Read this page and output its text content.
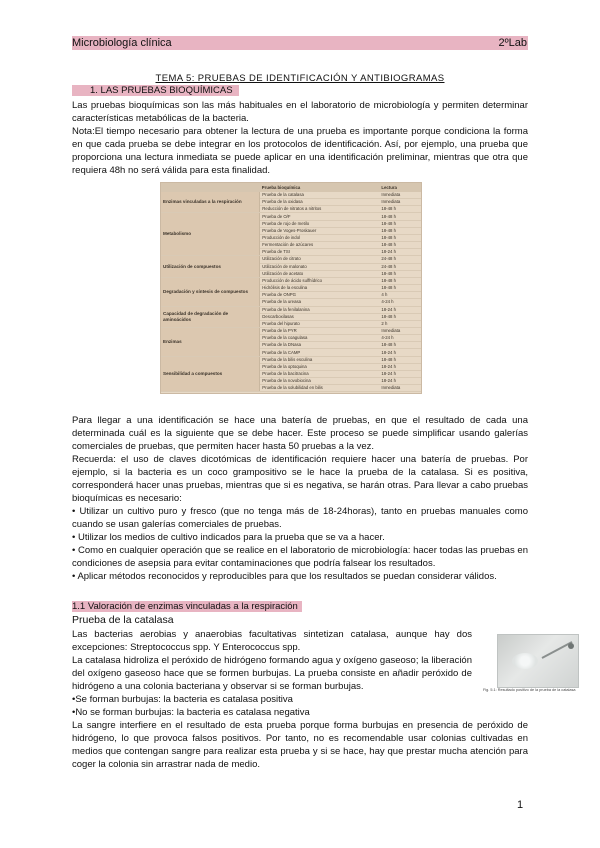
Microbiología clínica	2ºLab
TEMA 5: PRUEBAS DE IDENTIFICACIÓN Y ANTIBIOGRAMAS
1. LAS PRUEBAS BIOQUÍMICAS

Las pruebas bioquímicas son las más habituales en el laboratorio de microbiología y permiten determinar características metabólicas de la bacteria.

Nota:El tiempo necesario para obtener la lectura de una prueba es importante porque condiciona la forma en que cada prueba se debe integrar en los protocolos de identificación. Así, por ejemplo, una prueba que proporciona una lectura inmediata se puede aplicar en una identificación preliminar, mientras que otra que requiera 48h no será válida para esta finalidad.

	Prueba bioquímica	Lectura
Enzimas vinculadas a la respiración	Prueba de la catalasa	Inmediata
	Prueba de la oxidasa	Inmediata
	Reducción de nitratos a nitritos	18-48 h
Metabolismo	Prueba de O/F	18-48 h
	Prueba de rojo de metilo	18-48 h
	Prueba de Voges-Proskauer	18-48 h
	Producción de indol	18-48 h
	Fermentación de azúcares	18-48 h
	Prueba de TSI	18-24 h
Utilización de compuestos	Utilización de citrato	24-48 h
	Utilización de malonato	24-48 h
	Utilización de acetato	18-48 h
Degradación y síntesis de compuestos	Producción de ácido sulfhídrico	18-48 h
	Hidrólisis de la esculina	18-48 h
	Prueba de ONPG	4 h
	Prueba de la ureasa	4-24 h
Capacidad de degradación de aminoácidos	Prueba de la fenilalanina	18-24 h
	Descarboxilasas	18-48 h
	Prueba del hipurato	2 h
Enzimas	Prueba de la PYR	Inmediata
	Prueba de la coagulasa	4-24 h
	Prueba de la DNasa	18-48 h
	Prueba de la CAMP	18-24 h
Sensibilidad a compuestos	Prueba de la bilis esculina	18-48 h
	Prueba de la optoquina	18-24 h
	Prueba de la bacitracina	18-24 h
	Prueba de la novobiocina	18-24 h
	Prueba de la solubilidad en bilis	Inmediata

Para llegar a una identificación se hace una batería de pruebas, en que el resultado de cada una determinada cuál es la siguiente que se debe hacer. Este proceso se puede simplificar usando galerías comerciales de pruebas, que permiten hacer hasta 50 pruebas a la vez.

Recuerda: el uso de claves dicotómicas de identificación requiere hacer una batería de pruebas. Por ejemplo, si la bacteria es un coco grampositivo se le hace la prueba de la catalasa. Si es positiva, corresponderá hacer unas pruebas, mientras que si es negativa, se harán otras. Para llevar a cabo pruebas bioquímicas es necesario:

• Utilizar un cultivo puro y fresco (que no tenga más de 18-24horas), tanto en pruebas manuales como cuando se usan galerías comerciales de pruebas.

• Utilizar los medios de cultivo indicados para la prueba que se va a hacer.

• Como en cualquier operación que se realice en el laboratorio de microbiología: hacer todas las pruebas en condiciones de asepsia para evitar contaminaciones que podría falsear los resultados.

• Aplicar métodos reconocidos y reproducibles para que los resultados se puedan considerar válidos.

1.1 Valoración de enzimas vinculadas a la respiración
Prueba de la catalasa

Las bacterias aerobias y anaerobias facultativas sintetizan catalasa, aunque hay dos excepciones: Streptococcus spp. Y Enterococcus spp.

La catalasa hidroliza el peróxido de hidrógeno formando agua y oxígeno gaseoso; la liberación del oxígeno gaseoso hace que se formen burbujas. La prueba consiste en añadir peróxido de hidrógeno a una colonia bacteriana y observar si se forman burbujas.	Fig. 5.1: Resultado positivo de la prueba de la catalasa

•Se forman burbujas: la bacteria es catalasa positiva

•No se forman burbujas: la bacteria es catalasa negativa

La sangre interfiere en el resultado de esta prueba porque forma burbujas en presencia de peróxido de hidrógeno, lo que provoca falsos positivos. Por tanto, no es recomendable usar colonias cultivadas en medios que contengan sangre para realizar esta prueba y si se hace, hay que prestar mucha atención para coger la colonia sin arrastrar nada de medio.

1
